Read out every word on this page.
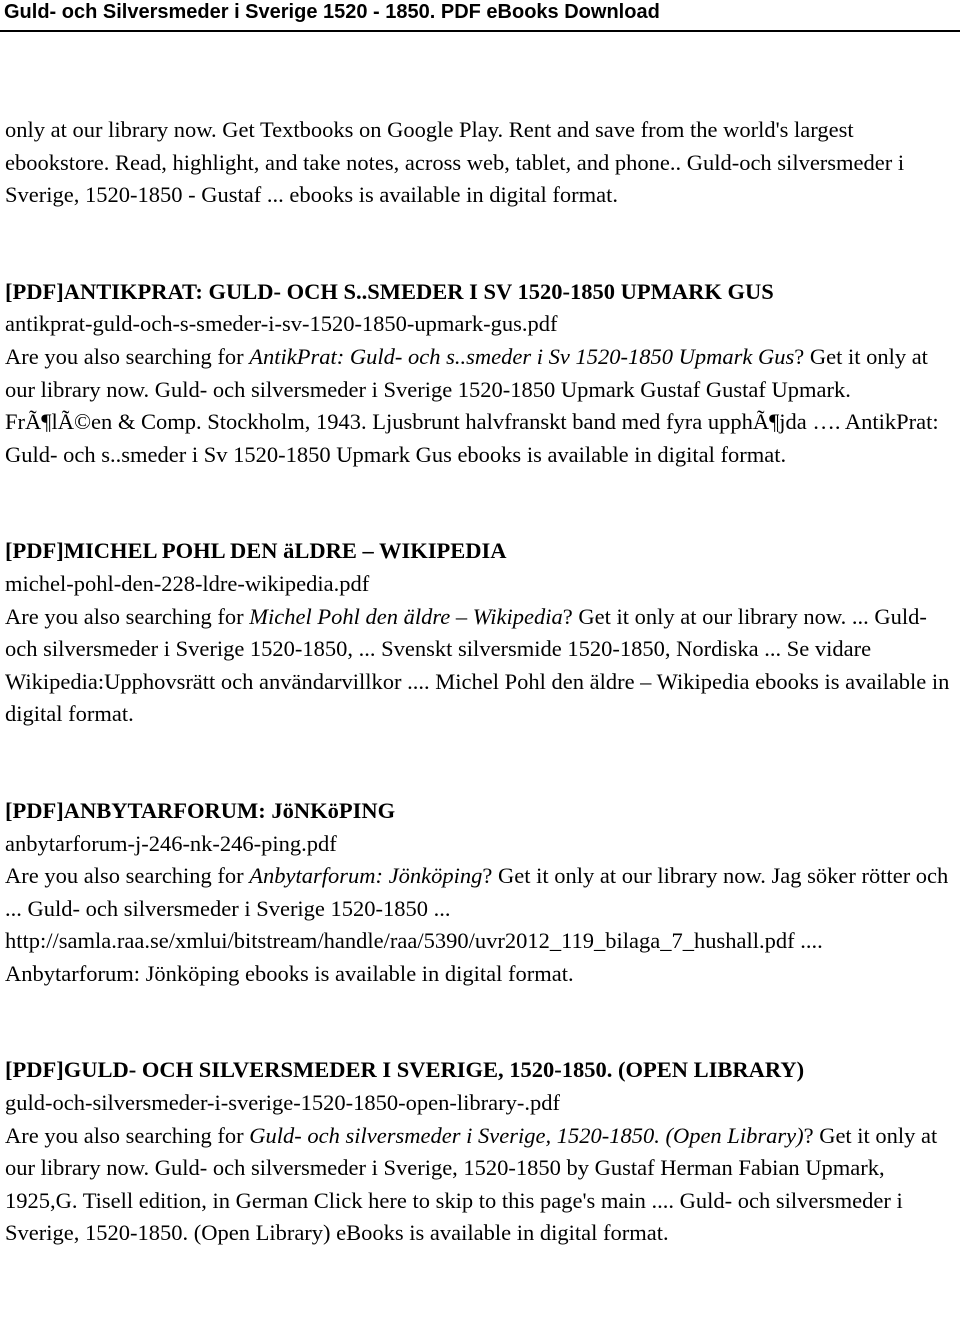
Guld- och Silversmeder i Sverige 1520 - 1850. PDF eBooks Download

only at our library now. Get Textbooks on Google Play. Rent and save from the world's largest ebookstore. Read, highlight, and take notes, across web, tablet, and phone.. Guld-och silversmeder i Sverige, 1520-1850 - Gustaf ... ebooks is available in digital format.

[PDF]ANTIKPRAT: GULD- OCH S..SMEDER I SV 1520-1850 UPMARK GUS

antikprat-guld-och-s-smeder-i-sv-1520-1850-upmark-gus.pdf

Are you also searching for AntikPrat: Guld- och s..smeder i Sv 1520-1850 Upmark Gus? Get it only at our library now. Guld- och silversmeder i Sverige 1520-1850 Upmark Gustaf Gustaf Upmark. FrÃ¶lÃ©en & Comp. Stockholm, 1943. Ljusbrunt halvfranskt band med fyra upphÃ¶jda …. AntikPrat: Guld- och s..smeder i Sv 1520-1850 Upmark Gus ebooks is available in digital format.

[PDF]MICHEL POHL DEN äLDRE – WIKIPEDIA

michel-pohl-den-228-ldre-wikipedia.pdf

Are you also searching for Michel Pohl den äldre – Wikipedia? Get it only at our library now. ... Guld- och silversmeder i Sverige 1520-1850, ... Svenskt silversmide 1520-1850, Nordiska ... Se vidare Wikipedia:Upphovsrätt och användarvillkor .... Michel Pohl den äldre – Wikipedia ebooks is available in digital format.

[PDF]ANBYTARFORUM: JöNKöPING

anbytarforum-j-246-nk-246-ping.pdf

Are you also searching for Anbytarforum: Jönköping? Get it only at our library now. Jag söker rötter och ... Guld- och silversmeder i Sverige 1520-1850 ... http://samla.raa.se/xmlui/bitstream/handle/raa/5390/uvr2012_119_bilaga_7_hushall.pdf .... Anbytarforum: Jönköping ebooks is available in digital format.

[PDF]GULD- OCH SILVERSMEDER I SVERIGE, 1520-1850. (OPEN LIBRARY)

guld-och-silversmeder-i-sverige-1520-1850-open-library-.pdf

Are you also searching for Guld- och silversmeder i Sverige, 1520-1850. (Open Library)? Get it only at our library now. Guld- och silversmeder i Sverige, 1520-1850 by Gustaf Herman Fabian Upmark, 1925,G. Tisell edition, in German Click here to skip to this page's main .... Guld- och silversmeder i Sverige, 1520-1850. (Open Library) eBooks is available in digital format.
